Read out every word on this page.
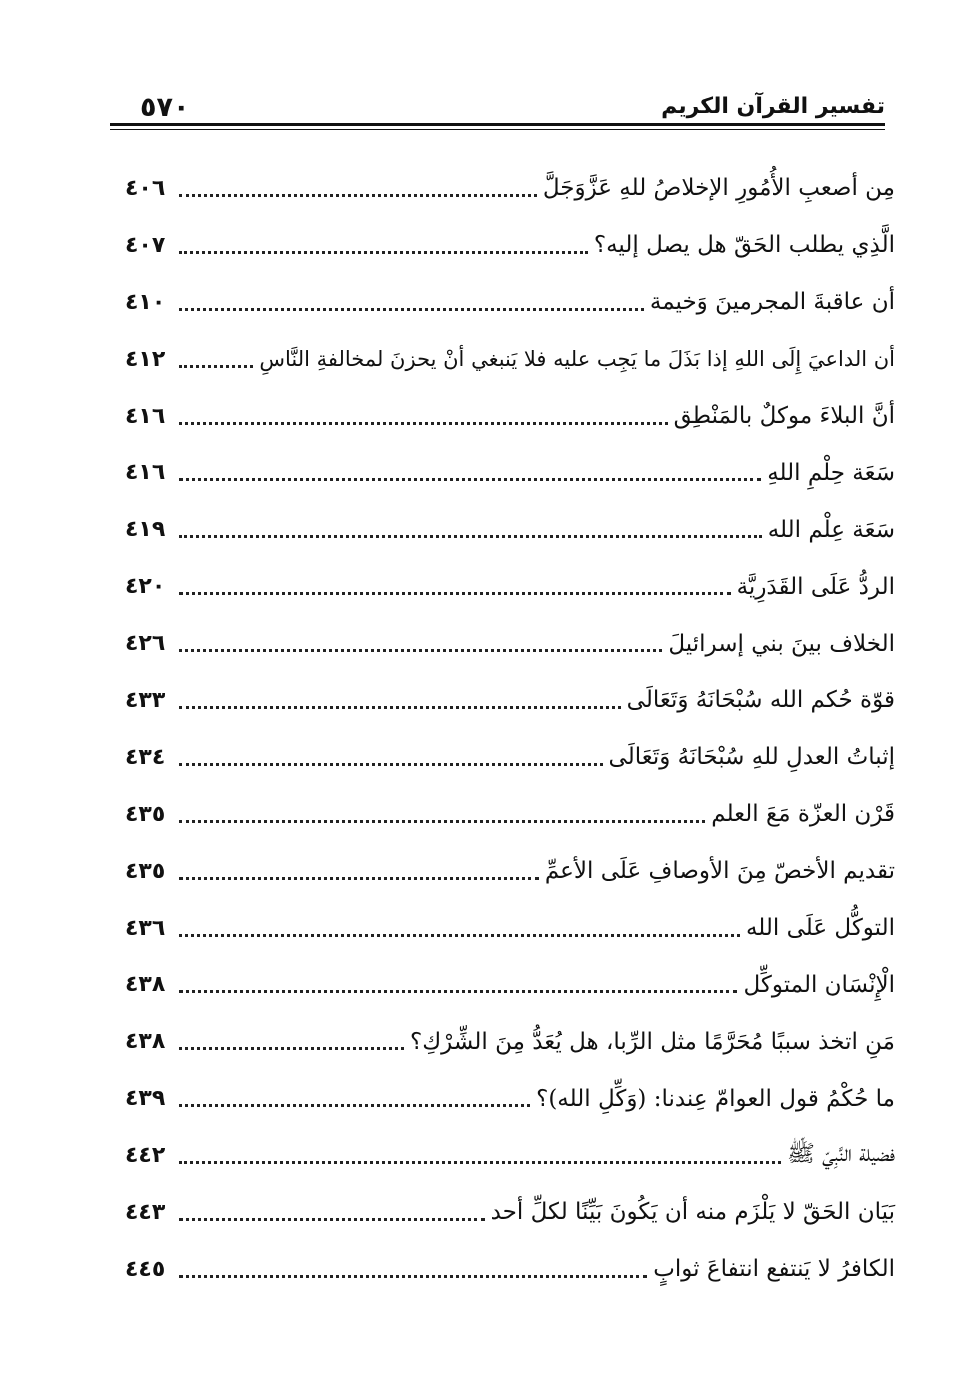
٥٧٠	تفسير القرآن الكريم
مِن أصعبِ الأُمُورِ الإخلاصُ للهِ عَزَّوَجَلَّ
٤٠٦
الَّذِي يطلب الحَقّ هل يصل إليه؟
٤٠٧
أن عاقبةَ المجرمينَ وَخيمة
٤١٠
أن الداعيَ إِلَى اللهِ إذا بَذَلَ ما يَجِب عليه فلا يَنبغي أنْ يحزنَ لمخالفةِ النَّاسِ
٤١٢
أنَّ البلاءَ موكلٌ بالمَنْطِق
٤١٦
سَعَة حِلْمِ اللهِ
٤١٦
سَعَة عِلْم الله
٤١٩
الردُّ عَلَى القَدَرِيَّة
٤٢٠
الخلاف بينَ بني إسرائيلَ
٤٢٦
قوّة حُكم الله سُبْحَانَهُ وَتَعَالَى
٤٣٣
إثباتُ العدلِ للهِ سُبْحَانَهُ وَتَعَالَى
٤٣٤
قَرْن العزّة مَعَ العلم
٤٣٥
تقديم الأخصّ مِنَ الأوصافِ عَلَى الأعمِّ
٤٣٥
التوكُّل عَلَى الله
٤٣٦
الْإِنْسَان المتوكِّل
٤٣٨
مَنِ اتخذ سببًا مُحَرَّمًا مثل الرِّبا، هل يُعَدُّ مِنَ الشِّرْكِ؟
٤٣٨
ما حُكْمُ قول العوامّ عِندنا: (وَكِّلِ الله)؟
٤٣٩
فضيلة النَّبِيّ ﷺ
٤٤٢
بَيَان الحَقّ لا يَلْزَم منه أن يَكُونَ بَيِّنًا لكلِّ أحد
٤٤٣
الكافرُ لا يَنتفع انتفاعَ ثوابٍ
٤٤٥
